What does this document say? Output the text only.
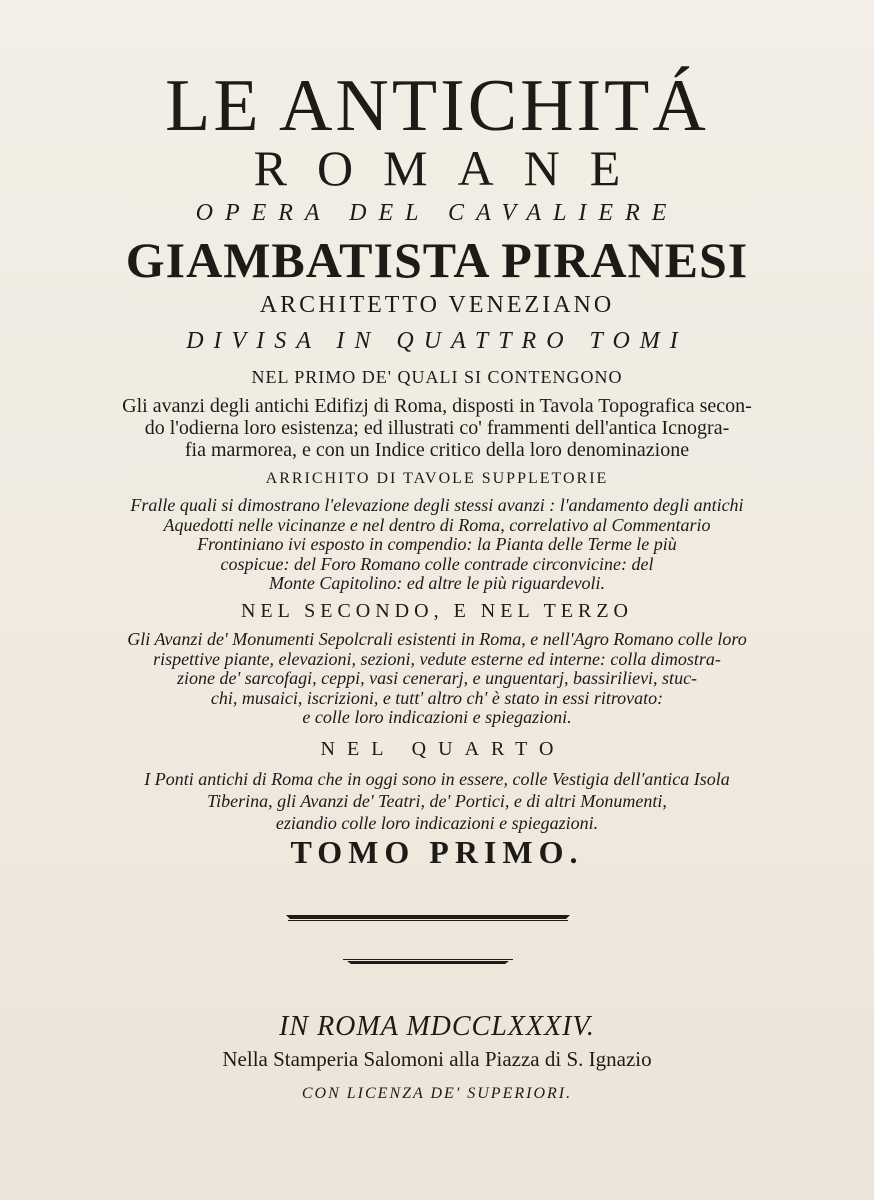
LE ANTICHITÁ
ROMANE
OPERA DEL CAVALIERE
GIAMBATISTA PIRANESI
ARCHITETTO VENEZIANO
DIVISA IN QUATTRO TOMI
NEL PRIMO DE' QUALI SI CONTENGONO
Gli avanzi degli antichi Edifizj di Roma, disposti in Tavola Topografica secon-
do l'odierna loro esistenza; ed illustrati co' frammenti dell'antica Icnogra-
fia marmorea, e con un Indice critico della loro denominazione
ARRICHITO DI TAVOLE SUPPLETORIE
Fralle quali si dimostrano l'elevazione degli stessi avanzi : l'andamento degli antichi
Aquedotti nelle vicinanze e nel dentro di Roma, correlativo al Commentario
Frontiniano ivi esposto in compendio: la Pianta delle Terme le più
cospicue: del Foro Romano colle contrade circonvicine: del
Monte Capitolino: ed altre le più riguardevoli.
NEL SECONDO, E NEL TERZO
Gli Avanzi de' Monumenti Sepolcrali esistenti in Roma, e nell'Agro Romano colle loro
rispettive piante, elevazioni, sezioni, vedute esterne ed interne: colla dimostra-
zione de' sarcofagi, ceppi, vasi cenerarj, e unguentarj, bassirilievi, stuc-
chi, musaici, iscrizioni, e tutt' altro ch' è stato in essi ritrovato:
e colle loro indicazioni e spiegazioni.
NEL QUARTO
I Ponti antichi di Roma che in oggi sono in essere, colle Vestigia dell'antica Isola
Tiberina, gli Avanzi de' Teatri, de' Portici, e di altri Monumenti,
eziandio colle loro indicazioni e spiegazioni.
TOMO PRIMO.
IN ROMA MDCCLXXXIV.
Nella Stamperia Salomoni alla Piazza di S. Ignazio
CON LICENZA DE' SUPERIORI.
